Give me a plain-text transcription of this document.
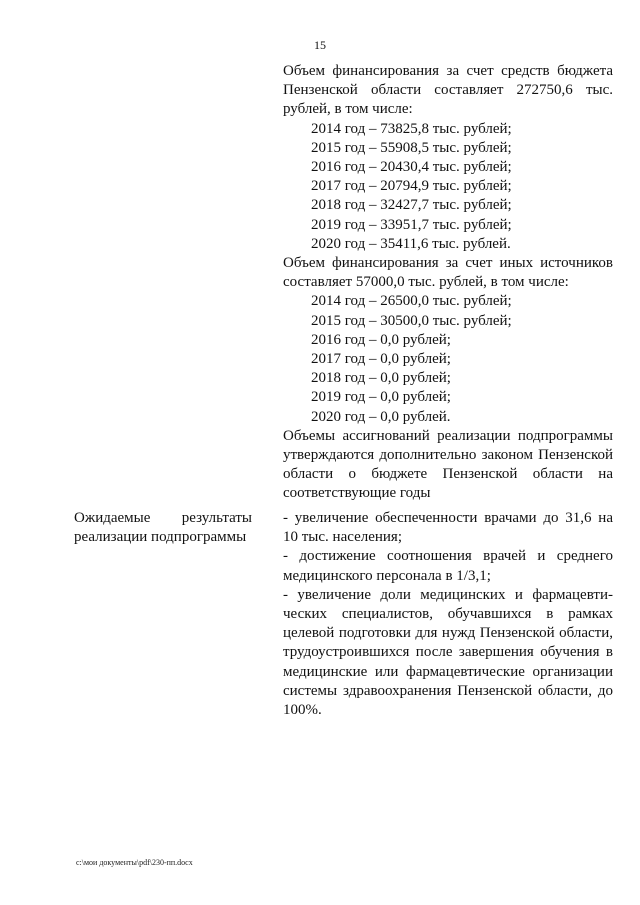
15

Объем финансирования за счет средств бюджета Пензенской области составляет 272750,6 тыс. рублей, в том числе:

2014 год – 73825,8 тыс. рублей;
2015 год – 55908,5 тыс. рублей;
2016 год – 20430,4 тыс. рублей;
2017 год – 20794,9 тыс. рублей;
2018 год – 32427,7 тыс. рублей;
2019 год – 33951,7 тыс. рублей;
2020 год – 35411,6 тыс. рублей.

Объем финансирования за счет иных источников составляет 57000,0 тыс. рублей, в том числе:

2014 год – 26500,0 тыс. рублей;
2015 год – 30500,0 тыс. рублей;
2016 год – 0,0 рублей;
2017 год – 0,0 рублей;
2018 год – 0,0 рублей;
2019 год – 0,0 рублей;
2020 год – 0,0 рублей.

Объемы ассигнований реализации подпрограммы утверждаются дополнительно законом Пензенской области о бюджете Пензенской области на соответствующие годы

Ожидаемые результаты реализации подпрограммы

- увеличение обеспеченности врачами до 31,6 на 10 тыс. населения;

- достижение соотношения врачей и среднего медицинского персонала в 1/3,1;

- увеличение доли медицинских и фармацевти-ческих специалистов, обучавшихся в рамках целевой подготовки для нужд Пензенской области, трудоустроившихся после завершения обучения в медицинские или фармацевтические организации системы здравоохранения Пензенской области, до 100%.

c:\мои документы\pdf\230-пп.docx
